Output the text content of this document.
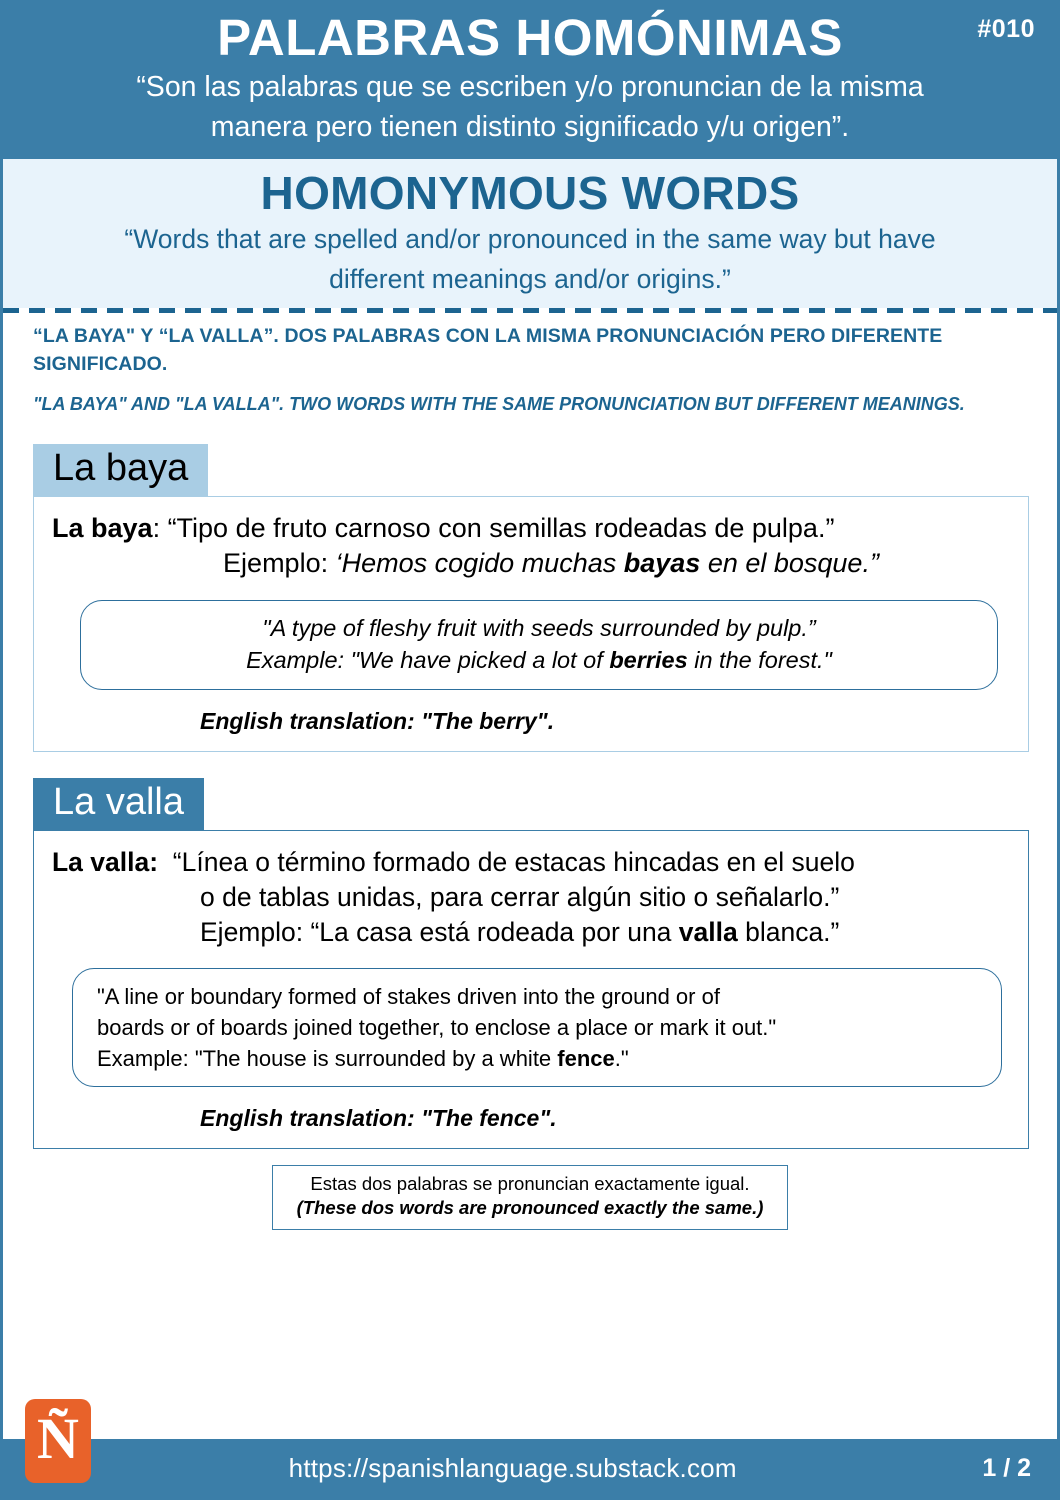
#010
PALABRAS HOMÓNIMAS
“Son las palabras que se escriben y/o pronuncian de la misma
manera pero tienen distinto significado y/u origen”.
HOMONYMOUS WORDS
“Words that are spelled and/or pronounced in the same way but have
different meanings and/or origins.”
“LA BAYA" Y “LA VALLA”. DOS PALABRAS CON LA MISMA PRONUNCIACIÓN PERO DIFERENTE SIGNIFICADO.
"LA BAYA" AND "LA VALLA". TWO WORDS WITH THE SAME PRONUNCIATION BUT DIFFERENT MEANINGS.
La baya
La baya: “Tipo de fruto carnoso con semillas rodeadas de pulpa.”
Ejemplo: ‘Hemos cogido muchas bayas en el bosque.”
"A type of fleshy fruit with seeds surrounded by pulp.”
Example: "We have picked a lot of berries in the forest."
English translation: "The berry".
La valla
La valla: “Línea o término formado de estacas hincadas en el suelo
o de tablas unidas, para cerrar algún sitio o señalarlo.”
Ejemplo: “La casa está rodeada por una valla blanca.”
"A line or boundary formed of stakes driven into the ground or of
boards or of boards joined together, to enclose a place or mark it out."
Example: "The house is surrounded by a white fence."
English translation: "The fence".
Estas dos palabras se pronuncian exactamente igual.
(These dos words are pronounced exactly the same.)
Ñ	https://spanishlanguage.substack.com	1 / 2
